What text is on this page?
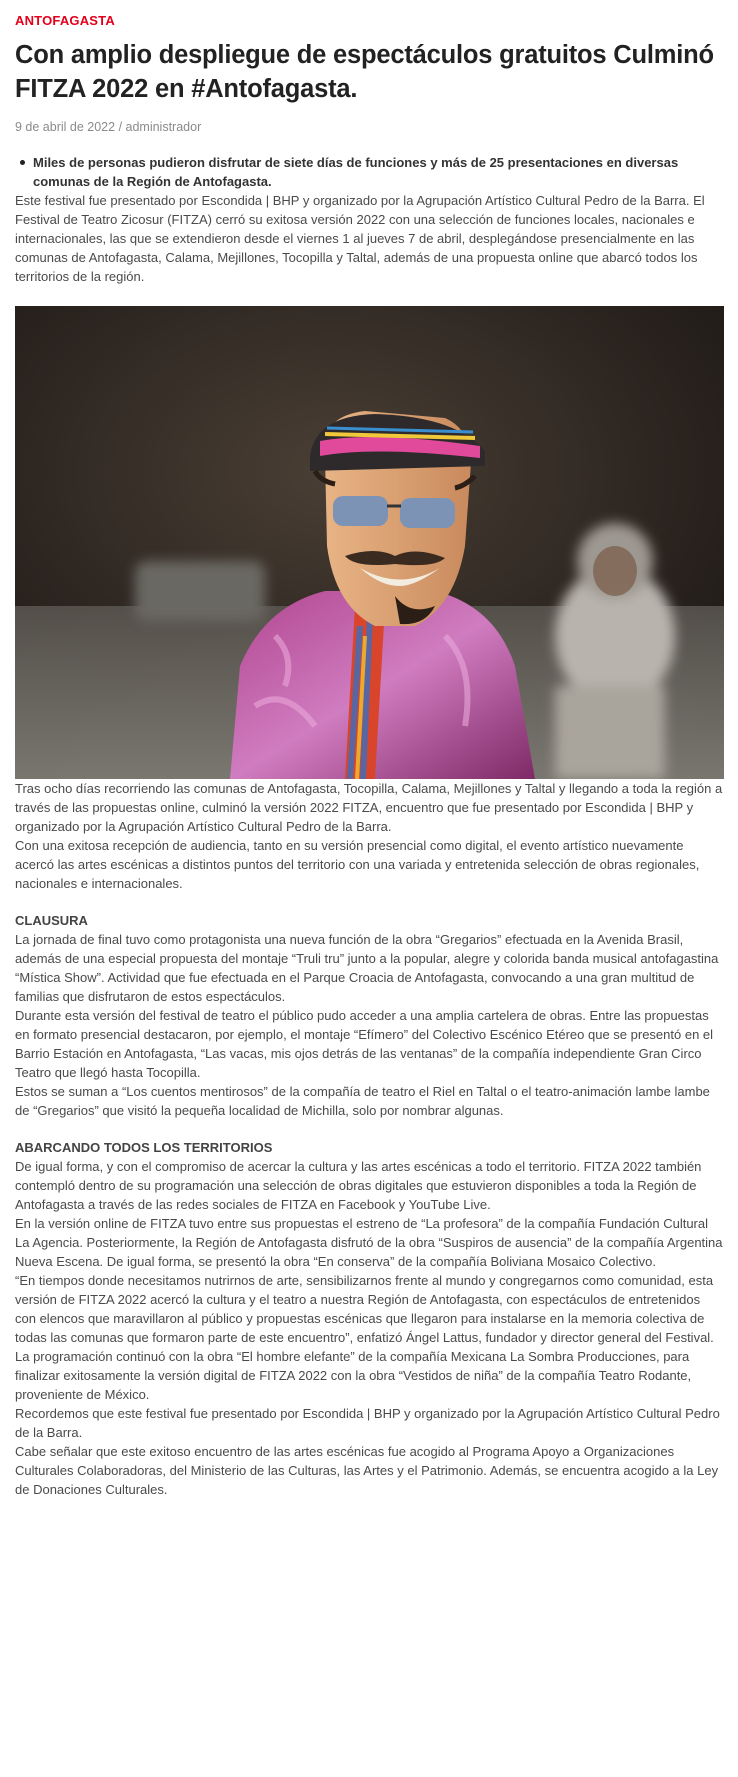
ANTOFAGASTA
Con amplio despliegue de espectáculos gratuitos Culminó FITZA 2022 en #Antofagasta.
9 de abril de 2022 / administrador
Miles de personas pudieron disfrutar de siete días de funciones y más de 25 presentaciones en diversas comunas de la Región de Antofagasta.

Este festival fue presentado por Escondida | BHP y organizado por la Agrupación Artístico Cultural Pedro de la Barra. El Festival de Teatro Zicosur (FITZA) cerró su exitosa versión 2022 con una selección de funciones locales, nacionales e internacionales, las que se extendieron desde el viernes 1 al jueves 7 de abril, desplegándose presencialmente en las comunas de Antofagasta, Calama, Mejillones, Tocopilla y Taltal, además de una propuesta online que abarcó todos los territorios de la región.

Tras ocho días recorriendo las comunas de Antofagasta, Tocopilla, Calama, Mejillones y Taltal y llegando a toda la región a través de las propuestas online, culminó la versión 2022 FITZA, encuentro que fue presentado por Escondida | BHP y organizado por la Agrupación Artístico Cultural Pedro de la Barra.

Con una exitosa recepción de audiencia, tanto en su versión presencial como digital, el evento artístico nuevamente acercó las artes escénicas a distintos puntos del territorio con una variada y entretenida selección de obras regionales, nacionales e internacionales.

CLAUSURA

La jornada de final tuvo como protagonista una nueva función de la obra “Gregarios” efectuada en la Avenida Brasil, además de una especial propuesta del montaje “Truli tru” junto a la popular, alegre y colorida banda musical antofagastina “Mística Show”. Actividad que fue efectuada en el Parque Croacia de Antofagasta, convocando a una gran multitud de familias que disfrutaron de estos espectáculos.

Durante esta versión del festival de teatro el público pudo acceder a una amplia cartelera de obras. Entre las propuestas en formato presencial destacaron, por ejemplo, el montaje “Efímero” del Colectivo Escénico Etéreo que se presentó en el Barrio Estación en Antofagasta, “Las vacas, mis ojos detrás de las ventanas” de la compañía independiente Gran Circo Teatro que llegó hasta Tocopilla.

Estos se suman a “Los cuentos mentirosos” de la compañía de teatro el Riel en Taltal o el teatro-animación lambe lambe de “Gregarios” que visitó la pequeña localidad de Michilla, solo por nombrar algunas.

ABARCANDO TODOS LOS TERRITORIOS

De igual forma, y con el compromiso de acercar la cultura y las artes escénicas a todo el territorio. FITZA 2022 también contempló dentro de su programación una selección de obras digitales que estuvieron disponibles a toda la Región de Antofagasta a través de las redes sociales de FITZA en Facebook y YouTube Live.

En la versión online de FITZA tuvo entre sus propuestas el estreno de “La profesora” de la compañía Fundación Cultural La Agencia. Posteriormente, la Región de Antofagasta disfrutó de la obra “Suspiros de ausencia” de la compañía Argentina Nueva Escena. De igual forma, se presentó la obra “En conserva” de la compañía Boliviana Mosaico Colectivo.

“En tiempos donde necesitamos nutrirnos de arte, sensibilizarnos frente al mundo y congregarnos como comunidad, esta versión de FITZA 2022 acercó la cultura y el teatro a nuestra Región de Antofagasta, con espectáculos de entretenidos con elencos que maravillaron al público y propuestas escénicas que llegaron para instalarse en la memoria colectiva de todas las comunas que formaron parte de este encuentro”, enfatizó Ángel Lattus, fundador y director general del Festival.

La programación continuó con la obra “El hombre elefante” de la compañía Mexicana La Sombra Producciones, para finalizar exitosamente la versión digital de FITZA 2022 con la obra “Vestidos de niña” de la compañía Teatro Rodante, proveniente de México.

Recordemos que este festival fue presentado por Escondida | BHP y organizado por la Agrupación Artístico Cultural Pedro de la Barra.

Cabe señalar que este exitoso encuentro de las artes escénicas fue acogido al Programa Apoyo a Organizaciones Culturales Colaboradoras, del Ministerio de las Culturas, las Artes y el Patrimonio. Además, se encuentra acogido a la Ley de Donaciones Culturales.
